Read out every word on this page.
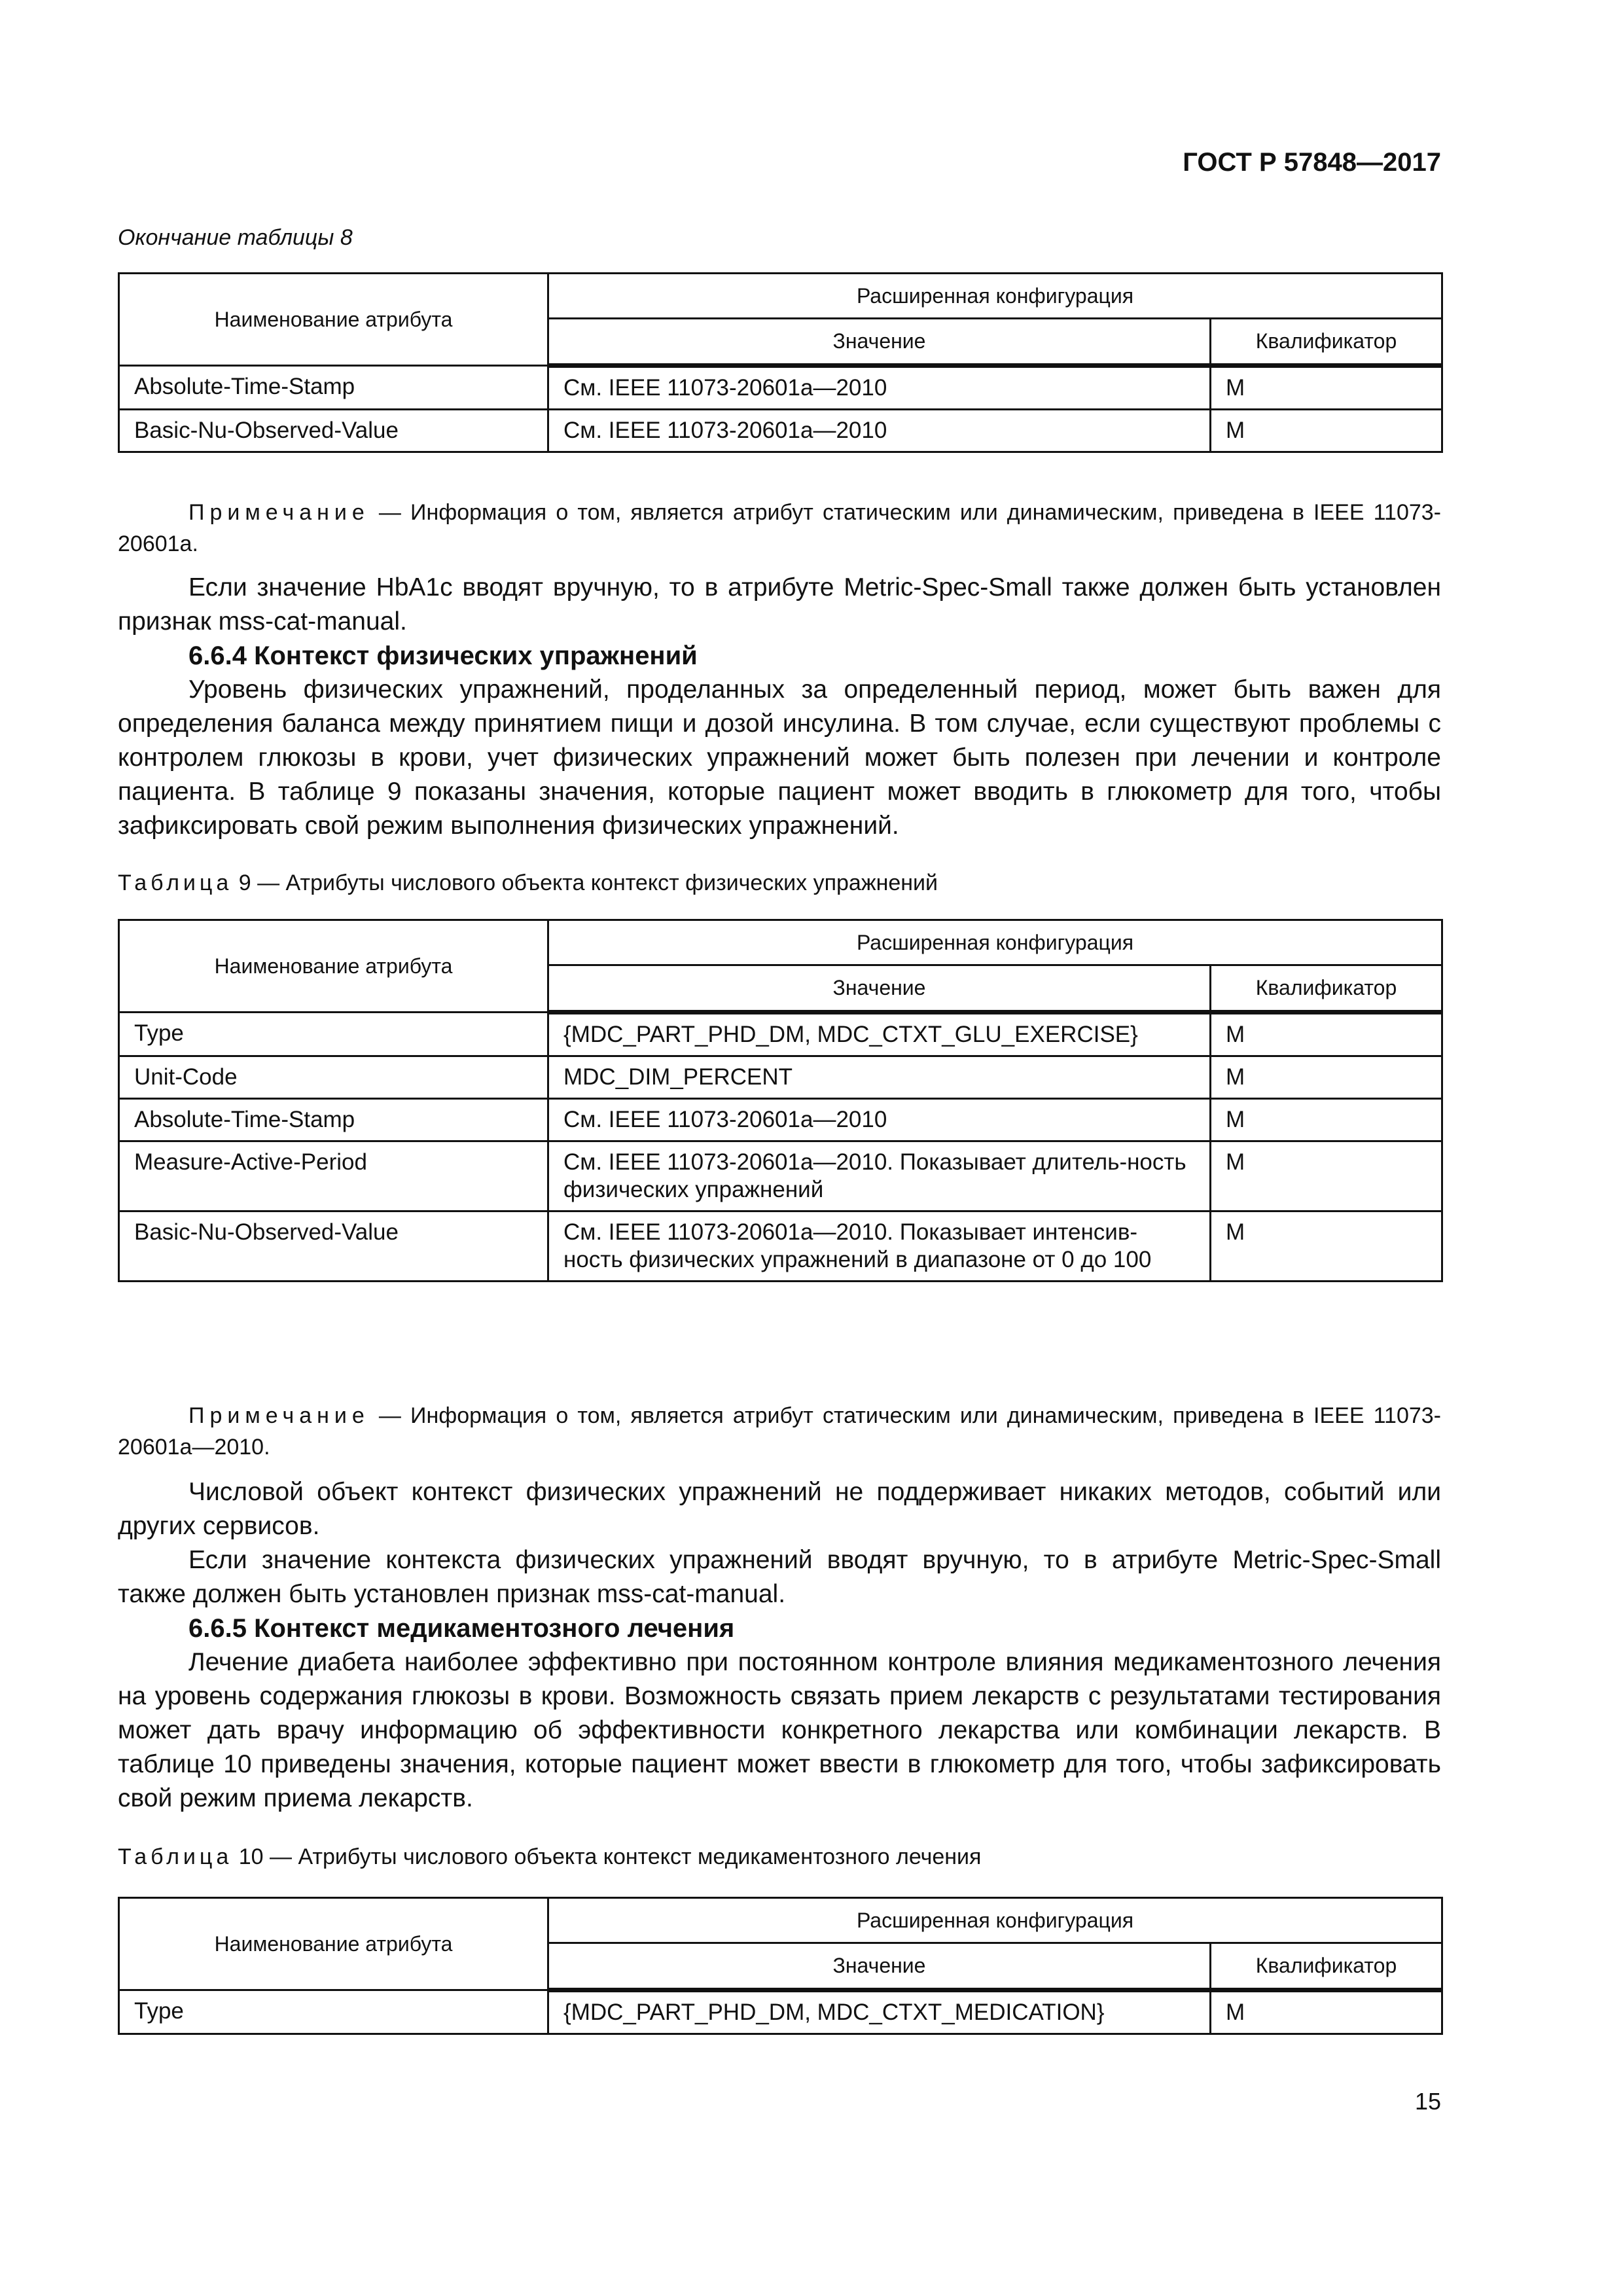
ГОСТ Р 57848—2017
Окончание таблицы 8
Наименование атрибута	Расширенная конфигурация	
	Значение	Квалификатор
Absolute-Time-Stamp	См. IEEE 11073-20601a—2010	M
Basic-Nu-Observed-Value	См. IEEE 11073-20601a—2010	M
Примечание — Информация о том, является атрибут статическим или динамическим, приведена в IEEE 11073-20601a.

Если значение HbA1c вводят вручную, то в атрибуте Metric-Spec-Small также должен быть установлен признак mss-cat-manual.

6.6.4 Контекст физических упражнений

Уровень физических упражнений, проделанных за определенный период, может быть важен для определения баланса между принятием пищи и дозой инсулина. В том случае, если существуют проблемы с контролем глюкозы в крови, учет физических упражнений может быть полезен при лечении и контроле пациента. В таблице 9 показаны значения, которые пациент может вводить в глюкометр для того, чтобы зафиксировать свой режим выполнения физических упражнений.

Таблица 9 — Атрибуты числового объекта контекст физических упражнений
Наименование атрибута	Расширенная конфигурация	
	Значение	Квалификатор
Type	{MDC_PART_PHD_DM, MDC_CTXT_GLU_EXERCISE}	M
Unit-Code	MDC_DIM_PERCENT	M
Absolute-Time-Stamp	См. IEEE 11073-20601a—2010	M
Measure-Active-Period	См. IEEE 11073-20601a—2010. Показывает длитель-ность физических упражнений	M
Basic-Nu-Observed-Value	См. IEEE 11073-20601a—2010. Показывает интенсив-ность физических упражнений в диапазоне от 0 до 100	M
Примечание — Информация о том, является атрибут статическим или динамическим, приведена в IEEE 11073-20601a—2010.

Числовой объект контекст физических упражнений не поддерживает никаких методов, событий или других сервисов.

Если значение контекста физических упражнений вводят вручную, то в атрибуте Metric-Spec-Small также должен быть установлен признак mss-cat-manual.

6.6.5 Контекст медикаментозного лечения

Лечение диабета наиболее эффективно при постоянном контроле влияния медикаментозного лечения на уровень содержания глюкозы в крови. Возможность связать прием лекарств с результатами тестирования может дать врачу информацию об эффективности конкретного лекарства или комбинации лекарств. В таблице 10 приведены значения, которые пациент может ввести в глюкометр для того, чтобы зафиксировать свой режим приема лекарств.

Таблица 10 — Атрибуты числового объекта контекст медикаментозного лечения
Наименование атрибута	Расширенная конфигурация	
	Значение	Квалификатор
Type	{MDC_PART_PHD_DM, MDC_CTXT_MEDICATION}	M
15
